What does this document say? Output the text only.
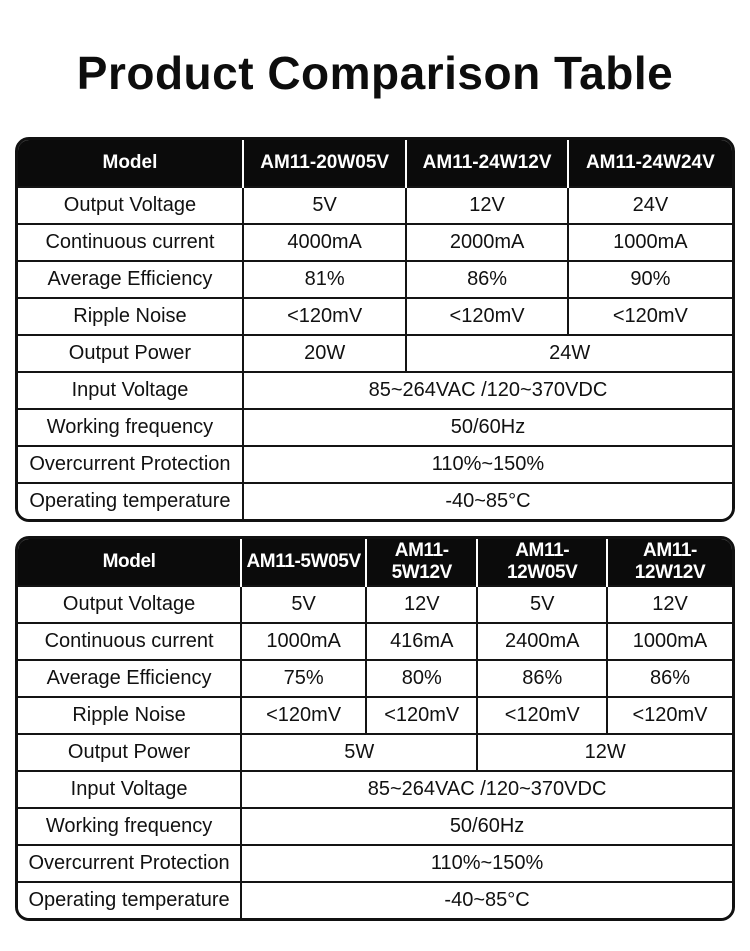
Product Comparison Table
Model	AM11-20W05V	AM11-24W12V	AM11-24W24V
Output Voltage	5V	12V	24V
Continuous current	4000mA	2000mA	1000mA
Average Efficiency	81%	86%	90%
Ripple Noise	<120mV	<120mV	<120mV
Output Power	20W	24W	
Input Voltage	85~264VAC /120~370VDC		
Working frequency	50/60Hz		
Overcurrent Protection	110%~150%		
Operating temperature	-40~85°C		
Model	AM11-5W05V	AM11-5W12V	AM11-12W05V	AM11-12W12V
Output Voltage	5V	12V	5V	12V
Continuous current	1000mA	416mA	2400mA	1000mA
Average Efficiency	75%	80%	86%	86%
Ripple Noise	<120mV	<120mV	<120mV	<120mV
Output Power	5W		12W	
Input Voltage	85~264VAC /120~370VDC			
Working frequency	50/60Hz			
Overcurrent Protection	110%~150%			
Operating temperature	-40~85°C			
